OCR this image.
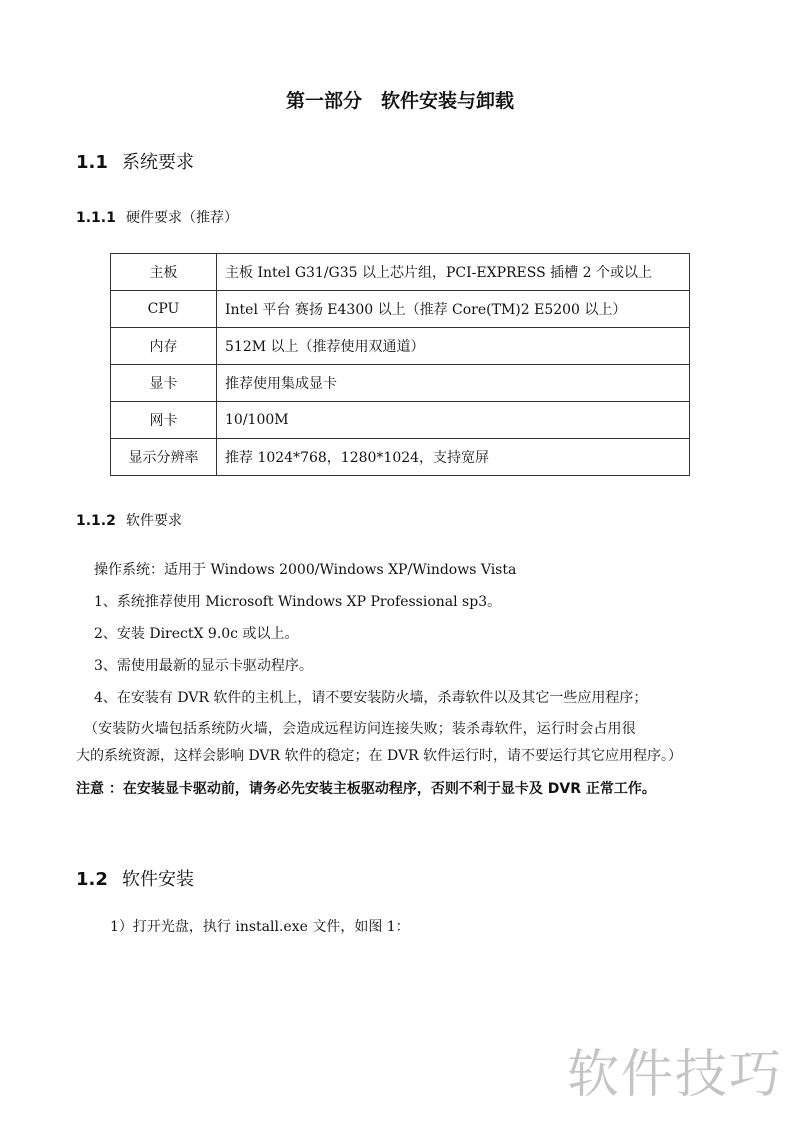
第一部分　软件安装与卸载
1.1 系统要求
1.1.1 硬件要求（推荐）
主板	主板 Intel G31/G35 以上芯片组，PCI-EXPRESS 插槽 2 个或以上
CPU	Intel 平台 赛扬 E4300 以上（推荐 Core(TM)2 E5200 以上）
内存	512M 以上（推荐使用双通道）
显卡	推荐使用集成显卡
网卡	10/100M
显示分辨率	推荐 1024*768，1280*1024，支持宽屏
1.1.2 软件要求
操作系统：适用于 Windows 2000/Windows XP/Windows Vista
1、系统推荐使用 Microsoft Windows XP Professional sp3。
2、安装 DirectX 9.0c 或以上。
3、需使用最新的显示卡驱动程序。
4、在安装有 DVR 软件的主机上，请不要安装防火墙，杀毒软件以及其它一些应用程序；
（安装防火墙包括系统防火墙，会造成远程访问连接失败；装杀毒软件，运行时会占用很
大的系统资源，这样会影响 DVR 软件的稳定；在 DVR 软件运行时，请不要运行其它应用程序。）
注意 ：在安装显卡驱动前，请务必先安装主板驱动程序，否则不利于显卡及 DVR 正常工作。
1.2 软件安装
1）打开光盘，执行 install.exe 文件，如图 1：
软件技巧
